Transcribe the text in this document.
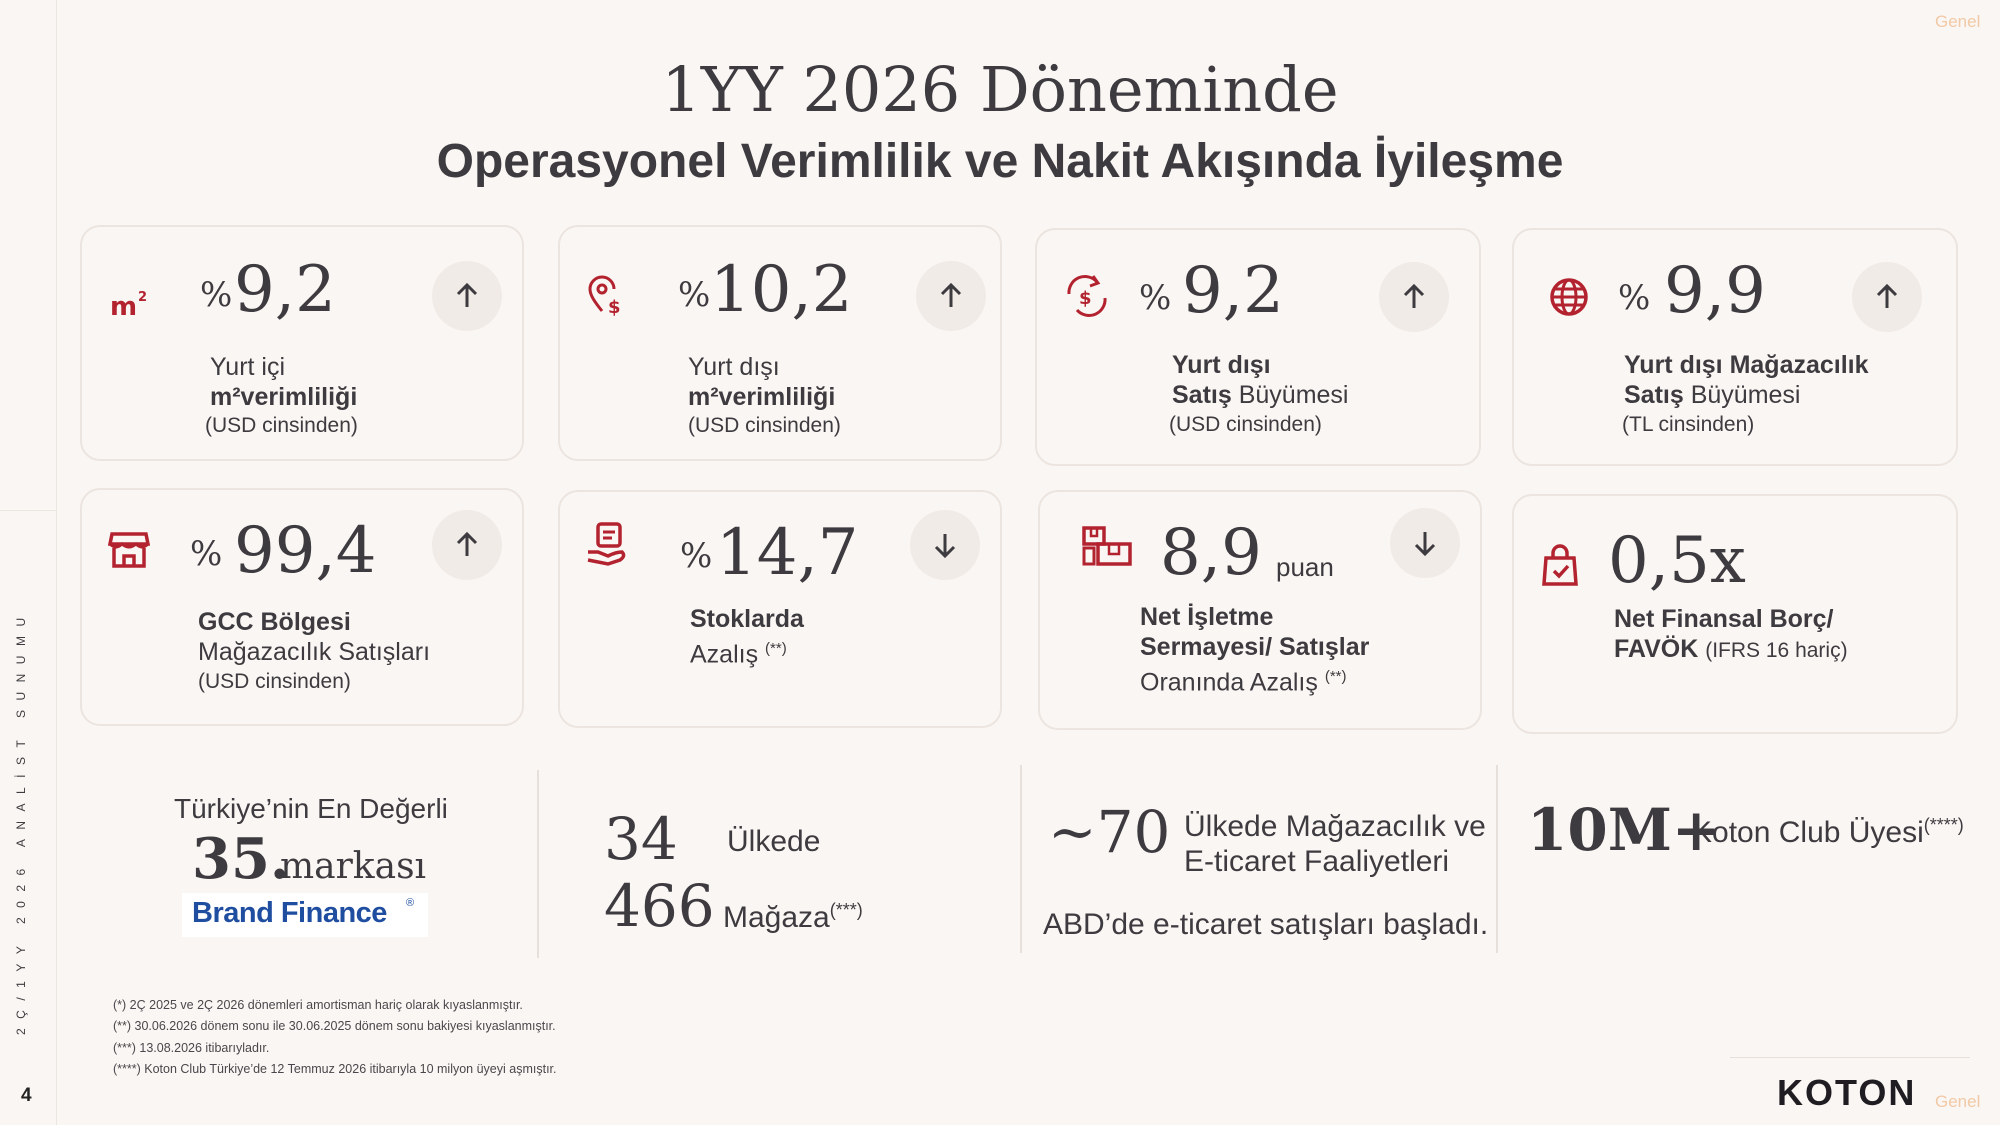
2Ç/1YY 2026 ANALİST SUNUMU
4
Genel
Genel
1YY 2026 Döneminde
Operasyonel Verimlilik ve Nakit Akışında İyileşme
m 2 % 9,2
Yurt içi
m²verimliliği
(USD cinsinden)
$ % 10,2
Yurt dışı
m²verimliliği
(USD cinsinden)
$ % 9,2
Yurt dışı
Satış Büyümesi
(USD cinsinden)
% 9,9
Yurt dışı Mağazacılık
Satış Büyümesi
(TL cinsinden)
% 99,4
GCC Bölgesi
Mağazacılık Satışları
(USD cinsinden)
% 14,7
Stoklarda
Azalış (**)
8,9 puan
Net İşletme
Sermayesi/ Satışlar
Oranında Azalış (**)
0,5x
Net Finansal Borç/
FAVÖK (IFRS 16 hariç)
Türkiye’nin En Değerli
35.
markası
Brand Finance ®
34 Ülkede
466 Mağaza(***)
~70 Ülkede Mağazacılık ve
E-ticaret Faaliyetleri
ABD’de e-ticaret satışları başladı.
10M+
Koton Club Üyesi(****)
(*) 2Ç 2025 ve 2Ç 2026 dönemleri amortisman hariç olarak kıyaslanmıştır.
(**) 30.06.2026 dönem sonu ile 30.06.2025 dönem sonu bakiyesi kıyaslanmıştır.
(***) 13.08.2026 itibarıyladır.
(****) Koton Club Türkiye’de 12 Temmuz 2026 itibarıyla 10 milyon üyeyi aşmıştır.
KOTON
